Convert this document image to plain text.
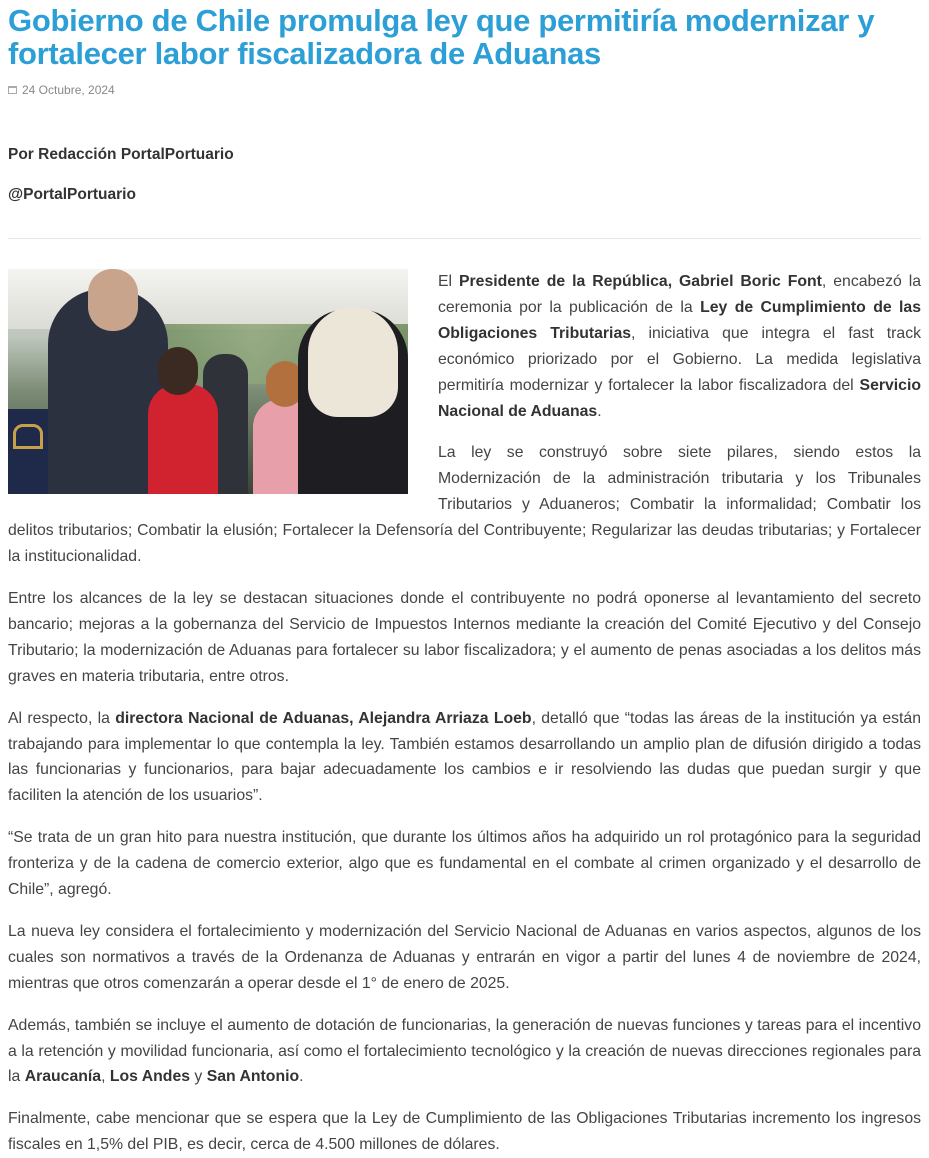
Gobierno de Chile promulga ley que permitiría modernizar y fortalecer labor fiscalizadora de Aduanas
24 Octubre, 2024
Por Redacción PortalPortuario
@PortalPortuario

El Presidente de la República, Gabriel Boric Font, encabezó la ceremonia por la publicación de la Ley de Cumplimiento de las Obligaciones Tributarias, iniciativa que integra el fast track económico priorizado por el Gobierno. La medida legislativa permitiría modernizar y fortalecer la labor fiscalizadora del Servicio Nacional de Aduanas.

La ley se construyó sobre siete pilares, siendo estos la Modernización de la administración tributaria y los Tribunales Tributarios y Aduaneros; Combatir la informalidad; Combatir los delitos tributarios; Combatir la elusión; Fortalecer la Defensoría del Contribuyente; Regularizar las deudas tributarias; y Fortalecer la institucionalidad.

Entre los alcances de la ley se destacan situaciones donde el contribuyente no podrá oponerse al levantamiento del secreto bancario; mejoras a la gobernanza del Servicio de Impuestos Internos mediante la creación del Comité Ejecutivo y del Consejo Tributario; la modernización de Aduanas para fortalecer su labor fiscalizadora; y el aumento de penas asociadas a los delitos más graves en materia tributaria, entre otros.

Al respecto, la directora Nacional de Aduanas, Alejandra Arriaza Loeb, detalló que “todas las áreas de la institución ya están trabajando para implementar lo que contempla la ley. También estamos desarrollando un amplio plan de difusión dirigido a todas las funcionarias y funcionarios, para bajar adecuadamente los cambios e ir resolviendo las dudas que puedan surgir y que faciliten la atención de los usuarios”.

“Se trata de un gran hito para nuestra institución, que durante los últimos años ha adquirido un rol protagónico para la seguridad fronteriza y de la cadena de comercio exterior, algo que es fundamental en el combate al crimen organizado y el desarrollo de Chile”, agregó.

La nueva ley considera el fortalecimiento y modernización del Servicio Nacional de Aduanas en varios aspectos, algunos de los cuales son normativos a través de la Ordenanza de Aduanas y entrarán en vigor a partir del lunes 4 de noviembre de 2024, mientras que otros comenzarán a operar desde el 1° de enero de 2025.

Además, también se incluye el aumento de dotación de funcionarias, la generación de nuevas funciones y tareas para el incentivo a la retención y movilidad funcionaria, así como el fortalecimiento tecnológico y la creación de nuevas direcciones regionales para la Araucanía, Los Andes y San Antonio.

Finalmente, cabe mencionar que se espera que la Ley de Cumplimiento de las Obligaciones Tributarias incremento los ingresos fiscales en 1,5% del PIB, es decir, cerca de 4.500 millones de dólares.
